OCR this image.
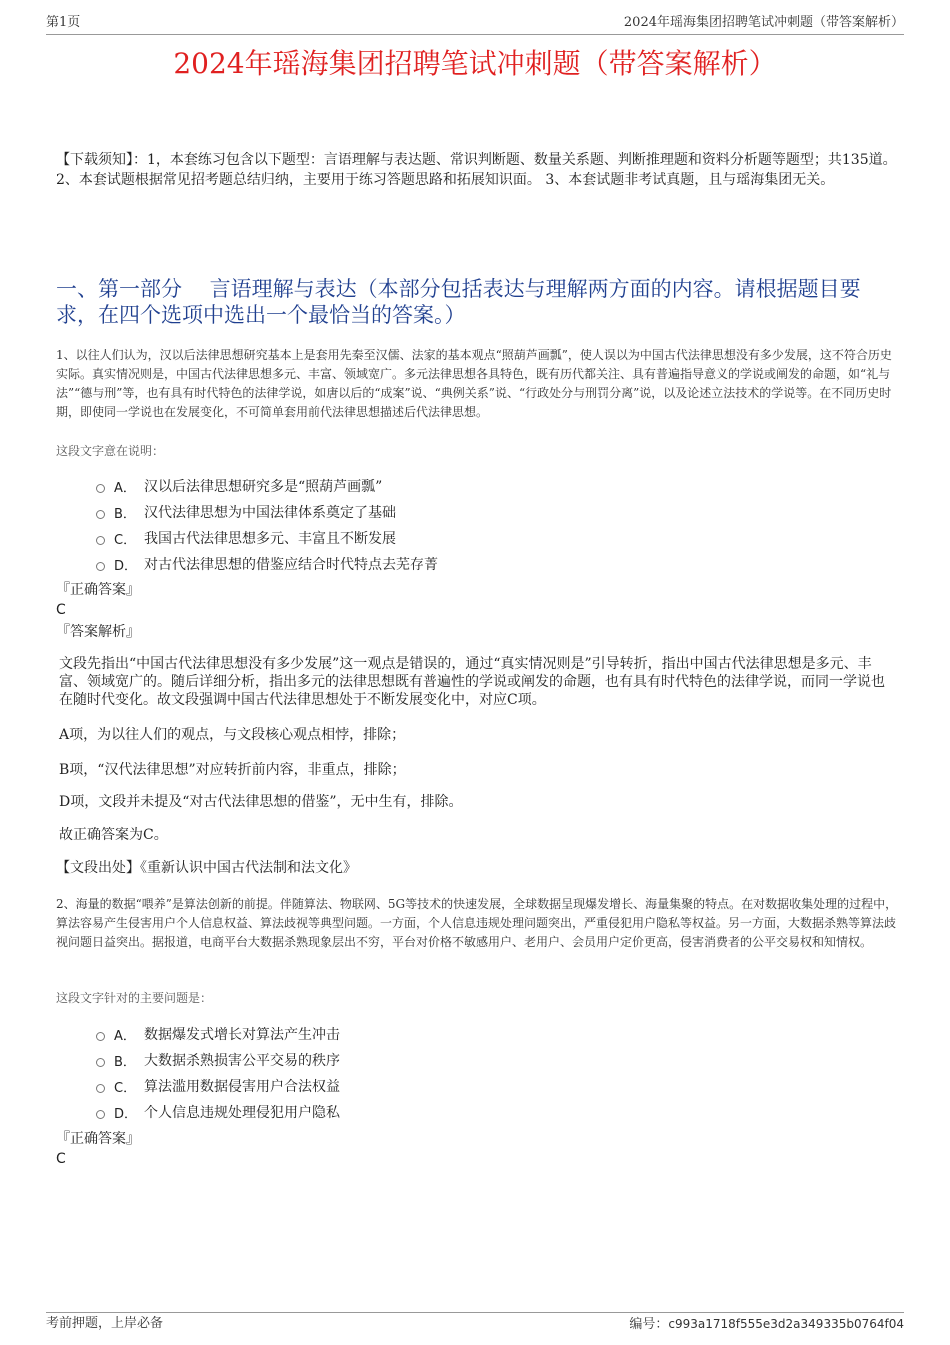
第1页	2024年瑶海集团招聘笔试冲刺题（带答案解析）
2024年瑶海集团招聘笔试冲刺题（带答案解析）

【下载须知】：1，本套练习包含以下题型：言语理解与表达题、常识判断题、数量关系题、判断推理题和资料分析题等题型；共135道。 2、本套试题根据常见招考题总结归纳，主要用于练习答题思路和拓展知识面。 3、本套试题非考试真题，且与瑶海集团无关。

一、第一部分　 言语理解与表达（本部分包括表达与理解两方面的内容。请根据题目要求，在四个选项中选出一个最恰当的答案。）

1、以往人们认为，汉以后法律思想研究基本上是套用先秦至汉儒、法家的基本观点“照葫芦画瓢”，使人误以为中国古代法律思想没有多少发展，这不符合历史实际。真实情况则是，中国古代法律思想多元、丰富、领域宽广。多元法律思想各具特色，既有历代都关注、具有普遍指导意义的学说或阐发的命题，如“礼与法”“德与刑”等，也有具有时代特色的法律学说，如唐以后的“成案”说、“典例关系”说、“行政处分与刑罚分离”说，以及论述立法技术的学说等。在不同历史时期，即使同一学说也在发展变化，不可简单套用前代法律思想描述后代法律思想。

这段文字意在说明：

A． 汉以后法律思想研究多是“照葫芦画瓢”
B． 汉代法律思想为中国法律体系奠定了基础
C． 我国古代法律思想多元、丰富且不断发展
D． 对古代法律思想的借鉴应结合时代特点去芜存菁

『正确答案』

C

『答案解析』

文段先指出“中国古代法律思想没有多少发展”这一观点是错误的，通过“真实情况则是”引导转折，指出中国古代法律思想是多元、丰富、领域宽广的。随后详细分析，指出多元的法律思想既有普遍性的学说或阐发的命题，也有具有时代特色的法律学说，而同一学说也在随时代变化。故文段强调中国古代法律思想处于不断发展变化中，对应C项。

A项，为以往人们的观点，与文段核心观点相悖，排除；

B项，“汉代法律思想”对应转折前内容，非重点，排除；

D项，文段并未提及“对古代法律思想的借鉴”，无中生有，排除。

故正确答案为C。

【文段出处】《重新认识中国古代法制和法文化》

2、海量的数据“喂养”是算法创新的前提。伴随算法、物联网、5G等技术的快速发展，全球数据呈现爆发增长、海量集聚的特点。在对数据收集处理的过程中，算法容易产生侵害用户个人信息权益、算法歧视等典型问题。一方面，个人信息违规处理问题突出，严重侵犯用户隐私等权益。另一方面，大数据杀熟等算法歧视问题日益突出。据报道，电商平台大数据杀熟现象层出不穷，平台对价格不敏感用户、老用户、会员用户定价更高，侵害消费者的公平交易权和知情权。

这段文字针对的主要问题是：

A． 数据爆发式增长对算法产生冲击
B． 大数据杀熟损害公平交易的秩序
C． 算法滥用数据侵害用户合法权益
D． 个人信息违规处理侵犯用户隐私

『正确答案』

C

考前押题，上岸必备	编号：c993a1718f555e3d2a349335b0764f04
